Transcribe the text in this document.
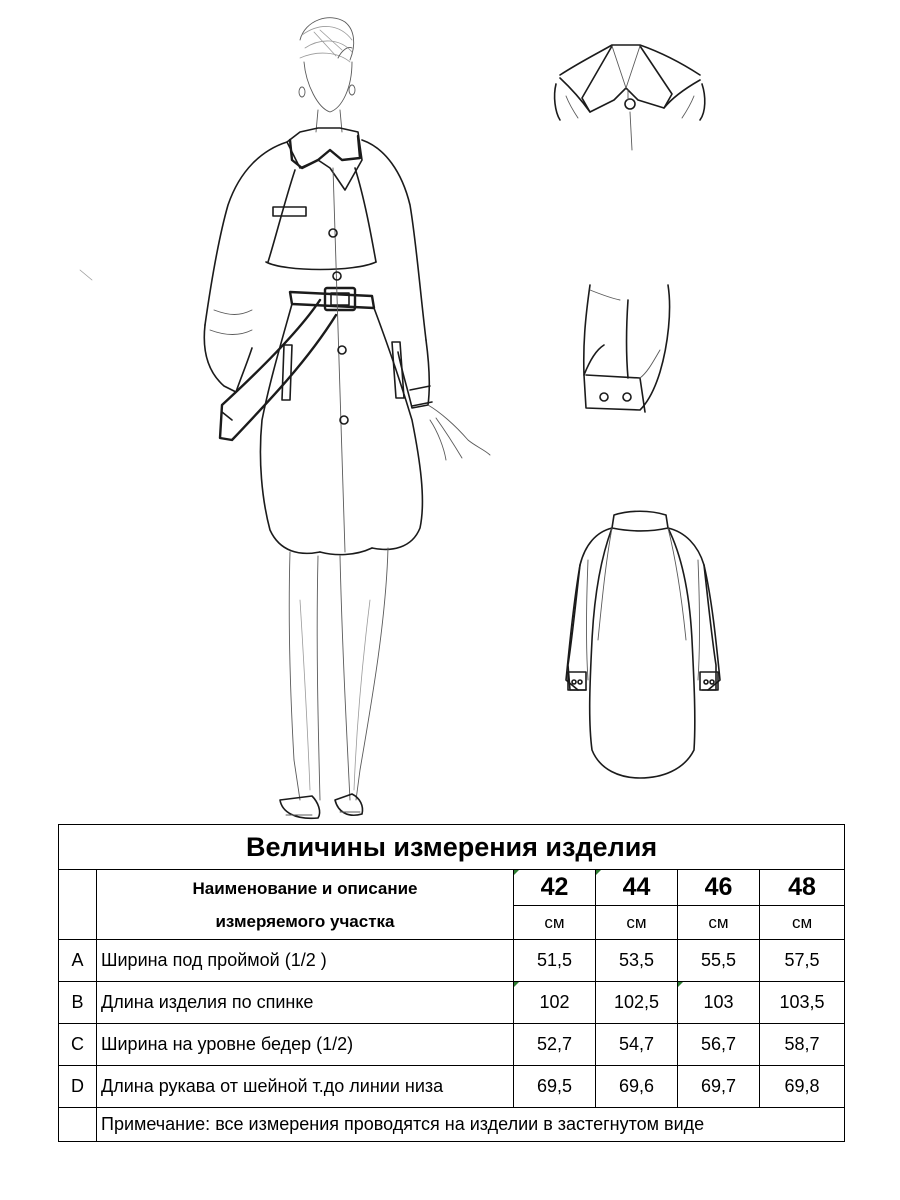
Величины измерения изделия					

	Наименование и описание
измеряемого участка	42	44	46	48
		см	см	см	см
A	Ширина под проймой (1/2 )	51,5	53,5	55,5	57,5
B	Длина изделия по спинке	102	102,5	103	103,5
C	Ширина на уровне бедер (1/2)	52,7	54,7	56,7	58,7
D	Длина рукава от шейной т.до линии низа	69,5	69,6	69,7	69,8
	Примечание: все измерения проводятся на изделии в застегнутом виде				
